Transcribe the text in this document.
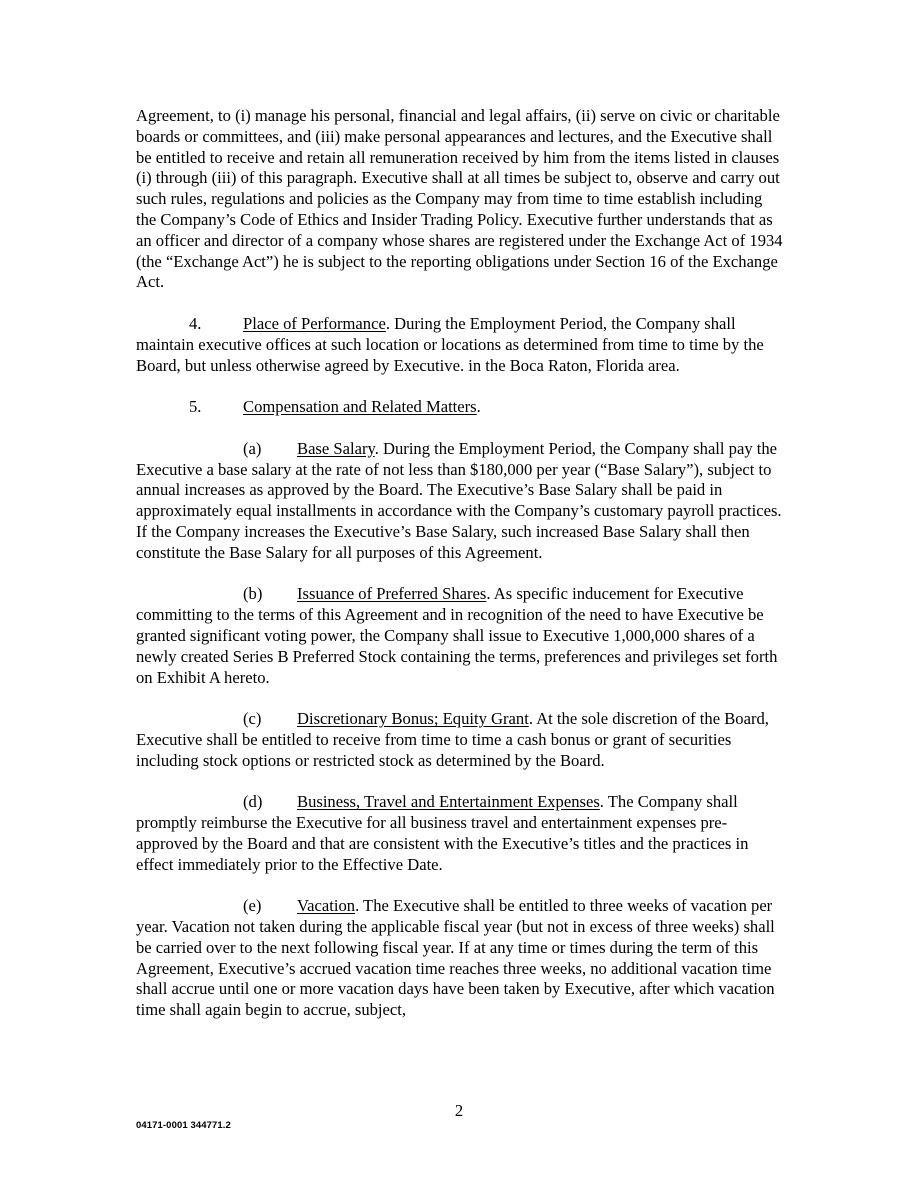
Agreement, to (i) manage his personal, financial and legal affairs, (ii) serve on civic or charitable boards or committees, and (iii) make personal appearances and lectures, and the Executive shall be entitled to receive and retain all remuneration received by him from the items listed in clauses (i) through (iii) of this paragraph. Executive shall at all times be subject to, observe and carry out such rules, regulations and policies as the Company may from time to time establish including the Company’s Code of Ethics and Insider Trading Policy. Executive further understands that as an officer and director of a company whose shares are registered under the Exchange Act of 1934 (the “Exchange Act”) he is subject to the reporting obligations under Section 16 of the Exchange Act.

4.	Place of Performance. During the Employment Period, the Company shall maintain executive offices at such location or locations as determined from time to time by the Board, but unless otherwise agreed by Executive. in the Boca Raton, Florida area.

5.	Compensation and Related Matters.

(a) Base Salary. During the Employment Period, the Company shall pay the Executive a base salary at the rate of not less than $180,000 per year (“Base Salary”), subject to annual increases as approved by the Board. The Executive’s Base Salary shall be paid in approximately equal installments in accordance with the Company’s customary payroll practices. If the Company increases the Executive’s Base Salary, such increased Base Salary shall then constitute the Base Salary for all purposes of this Agreement.

(b) Issuance of Preferred Shares. As specific inducement for Executive committing to the terms of this Agreement and in recognition of the need to have Executive be granted significant voting power, the Company shall issue to Executive 1,000,000 shares of a newly created Series B Preferred Stock containing the terms, preferences and privileges set forth on Exhibit A hereto.

(c) Discretionary Bonus; Equity Grant. At the sole discretion of the Board, Executive shall be entitled to receive from time to time a cash bonus or grant of securities including stock options or restricted stock as determined by the Board.

(d) Business, Travel and Entertainment Expenses. The Company shall promptly reimburse the Executive for all business travel and entertainment expenses pre-approved by the Board and that are consistent with the Executive’s titles and the practices in effect immediately prior to the Effective Date.

(e) Vacation. The Executive shall be entitled to three weeks of vacation per year. Vacation not taken during the applicable fiscal year (but not in excess of three weeks) shall be carried over to the next following fiscal year. If at any time or times during the term of this Agreement, Executive’s accrued vacation time reaches three weeks, no additional vacation time shall accrue until one or more vacation days have been taken by Executive, after which vacation time shall again begin to accrue, subject,

2
04171-0001 344771.2
